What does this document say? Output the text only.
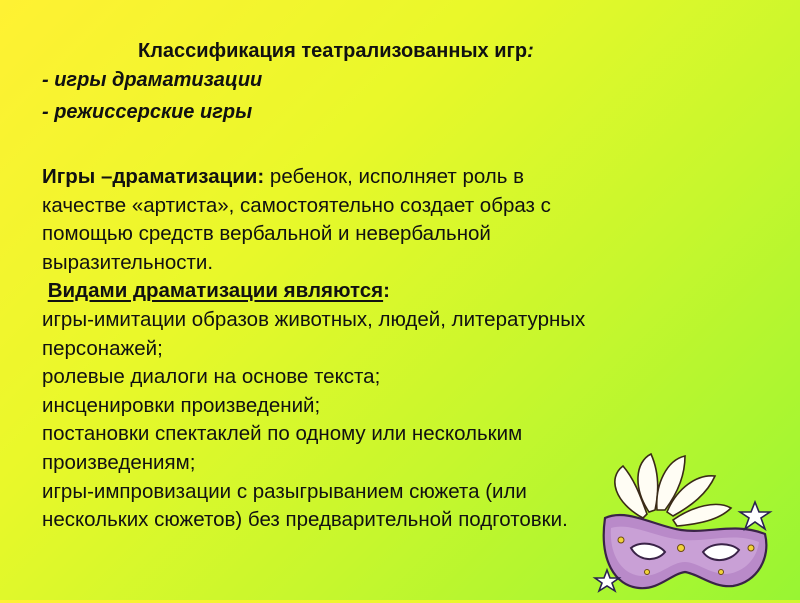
Классификация театрализованных игр:
- игры драматизации
- режиссерские игры

Игры –драматизации: ребенок, исполняет роль в

качестве «артиста», самостоятельно создает образ с

помощью средств вербальной и невербальной

выразительности.

Видами драматизации являются:

игры-имитации образов животных, людей, литературных

персонажей;

ролевые диалоги на основе текста;

инсценировки произведений;

постановки спектаклей по одному или нескольким

произведениям;

игры-импровизации с разыгрыванием сюжета (или

нескольких сюжетов) без предварительной подготовки.
